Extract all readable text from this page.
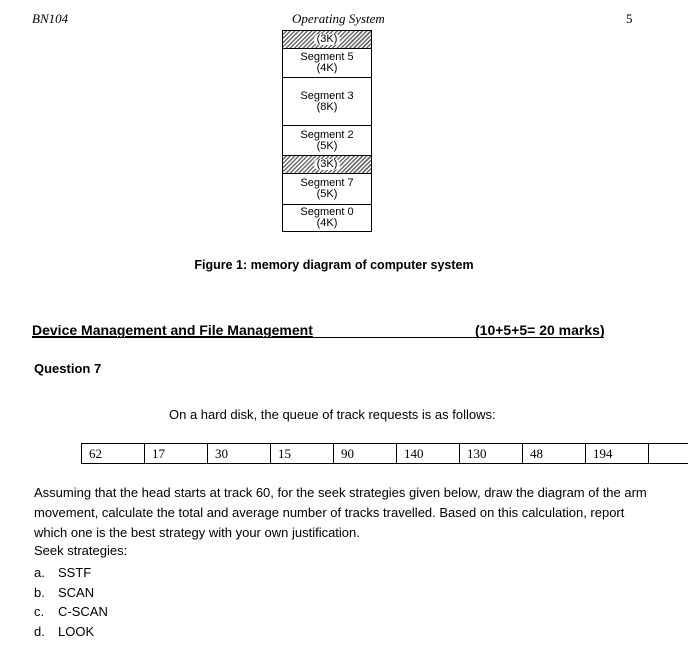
BN104	Operating System	5
(3K)
Segment 5
(4K)
Segment 3
(8K)
Segment 2
(5K)
(3K)
Segment 7
(5K)
Segment 0
(4K)
Figure 1: memory diagram of computer system
Device Management and File Management	(10+5+5= 20 marks)
Question 7
On a hard disk, the queue of track requests is as follows:
62	17	30	15	90	140	130	48	194	
Assuming that the head starts at track 60, for the seek strategies given below, draw the diagram of the arm movement, calculate the total and average number of tracks travelled. Based on this calculation, report which one is the best strategy with your own justification.
Seek strategies:
a. SSTF
b. SCAN
c. C-SCAN
d. LOOK
